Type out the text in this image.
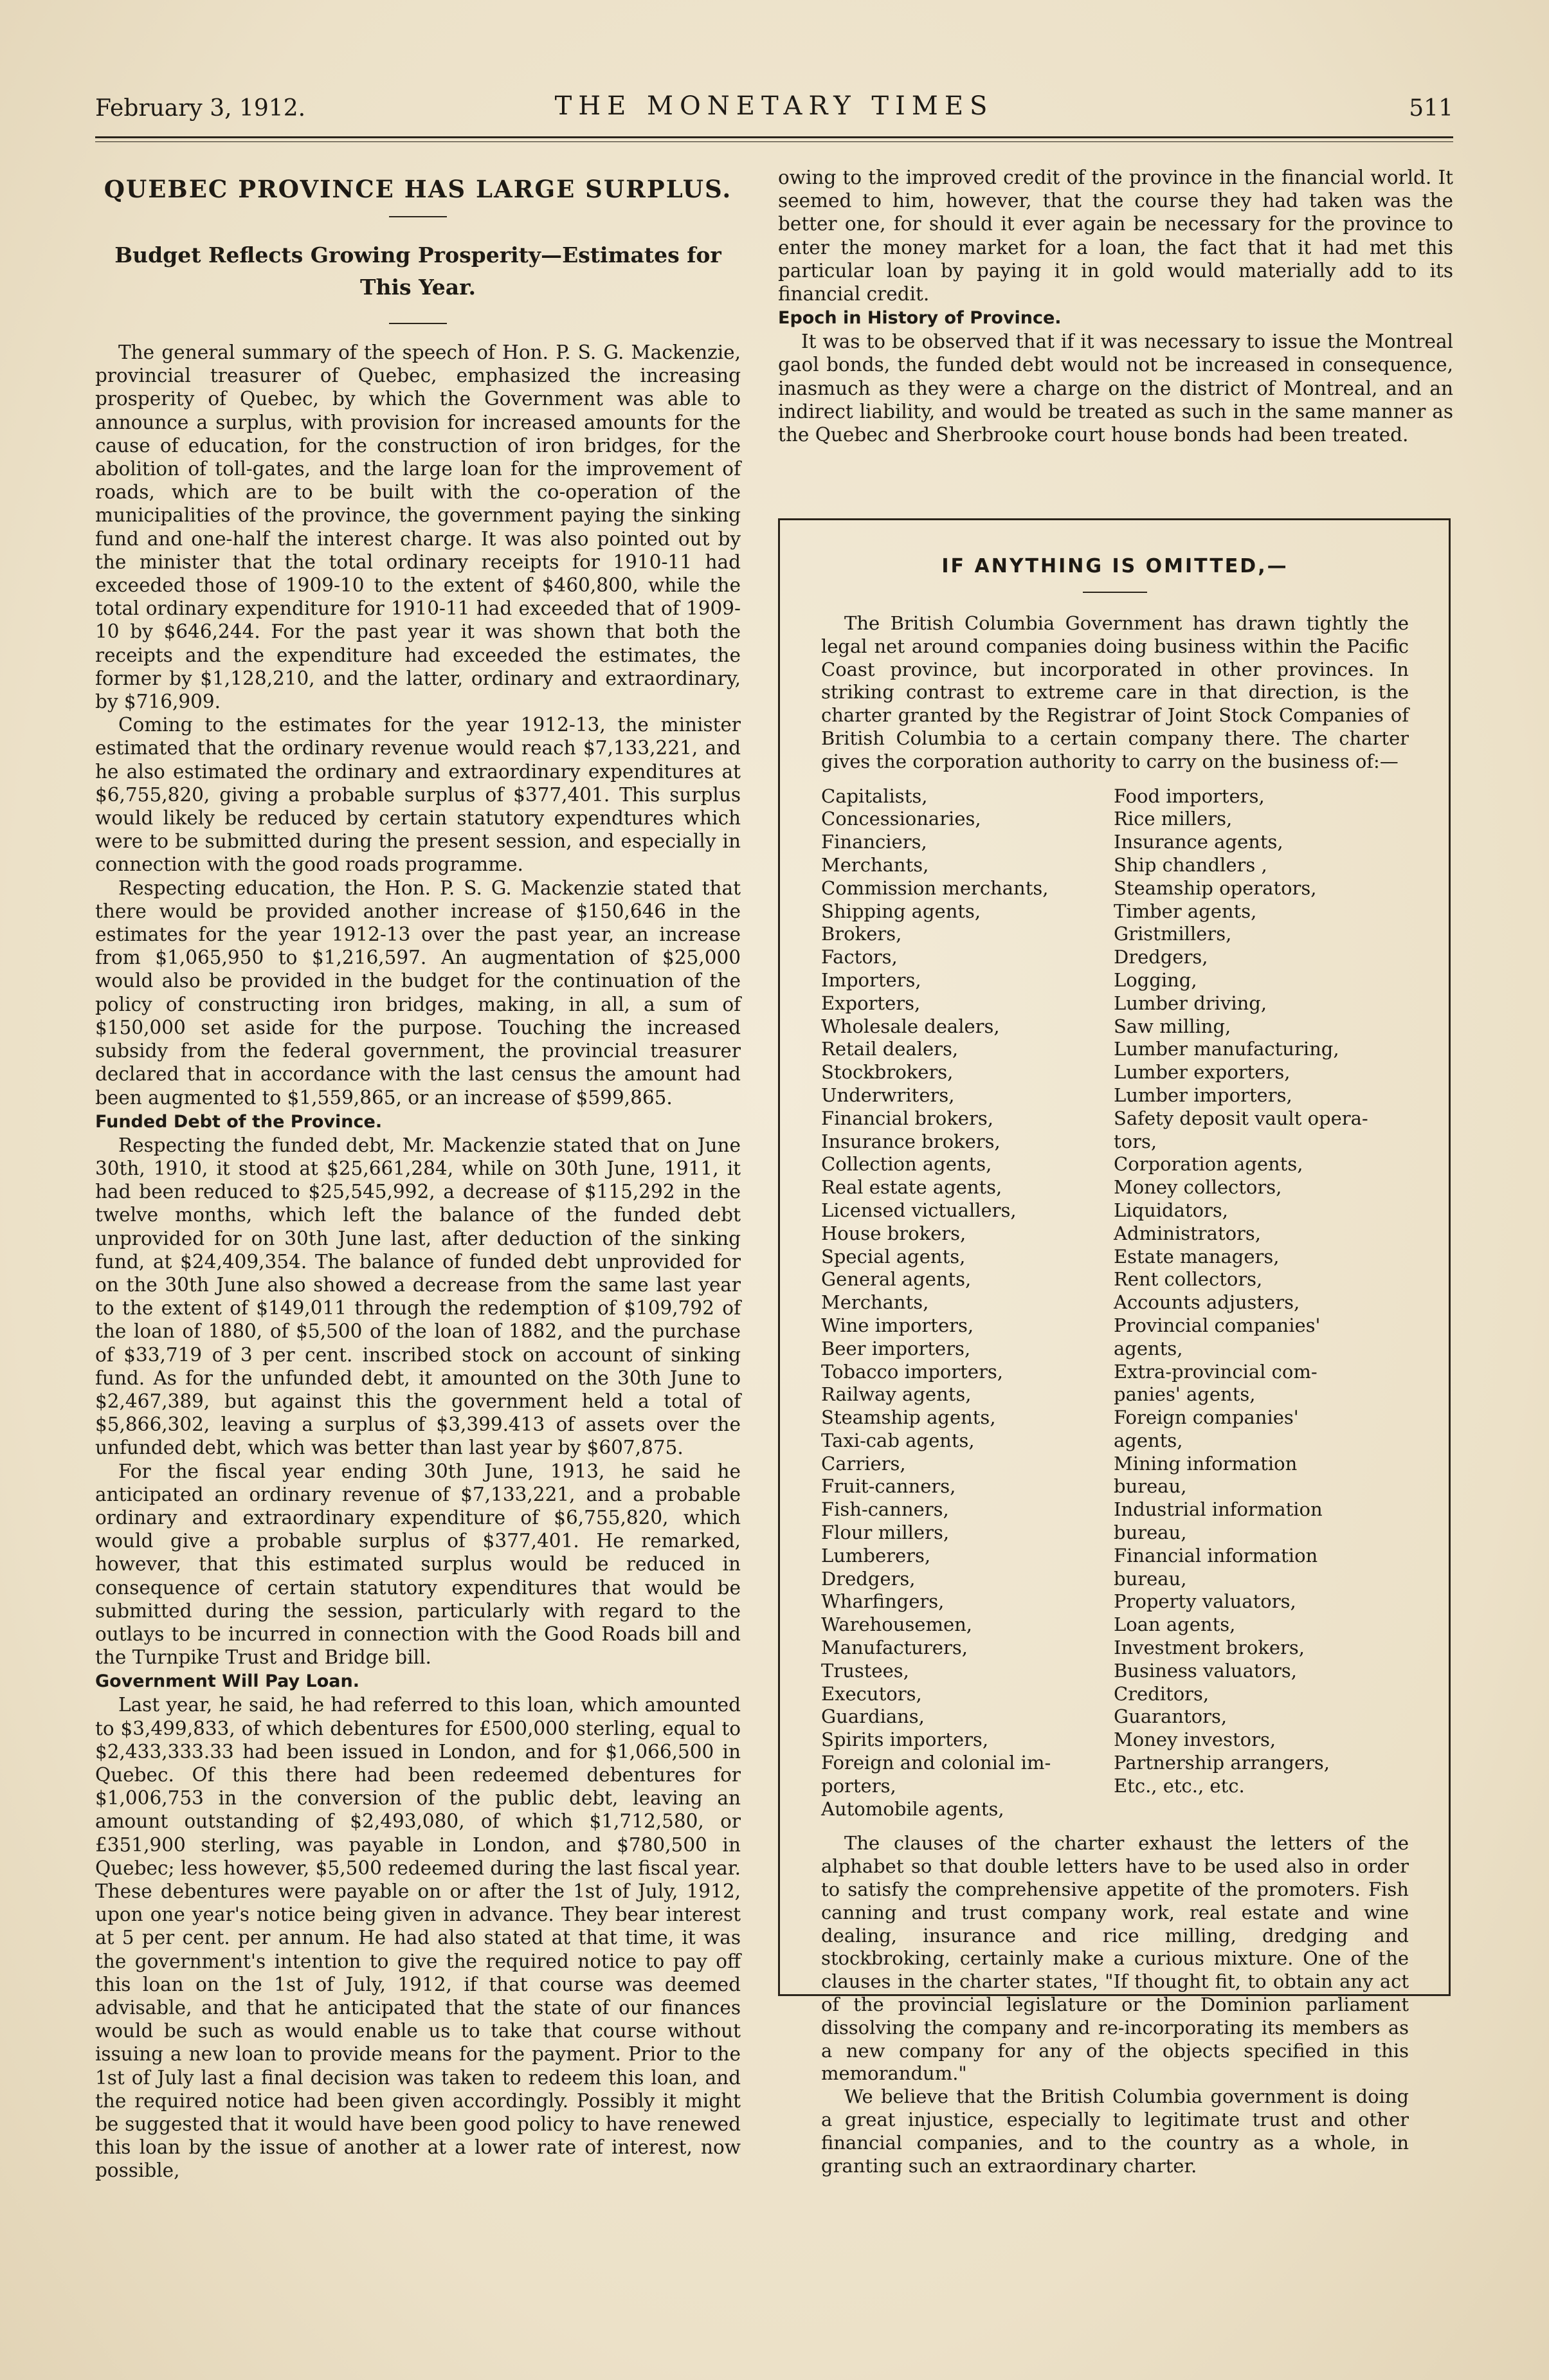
February 3, 1912.	THE MONETARY TIMES	511
QUEBEC PROVINCE HAS LARGE SURPLUS.
Budget Reflects Growing Prosperity—Estimates for This Year.

The general summary of the speech of Hon. P. S. G. Mackenzie, provincial treasurer of Quebec, emphasized the increasing prosperity of Quebec, by which the Government was able to announce a surplus, with provision for increased amounts for the cause of education, for the construction of iron bridges, for the abolition of toll-gates, and the large loan for the improvement of roads, which are to be built with the co-operation of the municipalities of the province, the government paying the sinking fund and one-half the interest charge. It was also pointed out by the minister that the total ordinary receipts for 1910-11 had exceeded those of 1909-10 to the extent of $460,800, while the total ordinary expenditure for 1910-11 had exceeded that of 1909-10 by $646,244. For the past year it was shown that both the receipts and the expenditure had exceeded the estimates, the former by $1,128,210, and the latter, ordinary and extraordinary, by $716,909.

Coming to the estimates for the year 1912-13, the minister estimated that the ordinary revenue would reach $7,133,221, and he also estimated the ordinary and extraordinary expenditures at $6,755,820, giving a probable surplus of $377,401. This surplus would likely be reduced by certain statutory expendtures which were to be submitted during the present session, and especially in connection with the good roads programme.

Respecting education, the Hon. P. S. G. Mackenzie stated that there would be provided another increase of $150,646 in the estimates for the year 1912-13 over the past year, an increase from $1,065,950 to $1,216,597. An augmentation of $25,000 would also be provided in the budget for the continuation of the policy of constructing iron bridges, making, in all, a sum of $150,000 set aside for the purpose. Touching the increased subsidy from the federal government, the provincial treasurer declared that in accordance with the last census the amount had been augmented to $1,559,865, or an increase of $599,865.

Funded Debt of the Province.

Respecting the funded debt, Mr. Mackenzie stated that on June 30th, 1910, it stood at $25,661,284, while on 30th June, 1911, it had been reduced to $25,545,992, a decrease of $115,292 in the twelve months, which left the balance of the funded debt unprovided for on 30th June last, after deduction of the sinking fund, at $24,409,354. The balance of funded debt unprovided for on the 30th June also showed a decrease from the same last year to the extent of $149,011 through the redemption of $109,792 of the loan of 1880, of $5,500 of the loan of 1882, and the purchase of $33,719 of 3 per cent. inscribed stock on account of sinking fund. As for the unfunded debt, it amounted on the 30th June to $2,467,389, but against this the government held a total of $5,866,302, leaving a surplus of $3,399.413 of assets over the unfunded debt, which was better than last year by $607,875.

For the fiscal year ending 30th June, 1913, he said he anticipated an ordinary revenue of $7,133,221, and a probable ordinary and extraordinary expenditure of $6,755,820, which would give a probable surplus of $377,401. He remarked, however, that this estimated surplus would be reduced in consequence of certain statutory expenditures that would be submitted during the session, particularly with regard to the outlays to be incurred in connection with the Good Roads bill and the Turnpike Trust and Bridge bill.

Government Will Pay Loan.

Last year, he said, he had referred to this loan, which amounted to $3,499,833, of which debentures for £500,000 sterling, equal to $2,433,333.33 had been issued in London, and for $1,066,500 in Quebec. Of this there had been redeemed debentures for $1,006,753 in the conversion of the public debt, leaving an amount outstanding of $2,493,080, of which $1,712,580, or £351,900 sterling, was payable in London, and $780,500 in Quebec; less however, $5,500 redeemed during the last fiscal year. These debentures were payable on or after the 1st of July, 1912, upon one year's notice being given in advance. They bear interest at 5 per cent. per annum. He had also stated at that time, it was the government's intention to give the required notice to pay off this loan on the 1st of July, 1912, if that course was deemed advisable, and that he anticipated that the state of our finances would be such as would enable us to take that course without issuing a new loan to provide means for the payment. Prior to the 1st of July last a final decision was taken to redeem this loan, and the required notice had been given accordingly. Possibly it might be suggested that it would have been good policy to have renewed this loan by the issue of another at a lower rate of interest, now possible,

owing to the improved credit of the province in the financial world. It seemed to him, however, that the course they had taken was the better one, for should it ever again be necessary for the province to enter the money market for a loan, the fact that it had met this particular loan by paying it in gold would materially add to its financial credit.

Epoch in History of Province.

It was to be observed that if it was necessary to issue the Montreal gaol bonds, the funded debt would not be increased in consequence, inasmuch as they were a charge on the district of Montreal, and an indirect liability, and would be treated as such in the same manner as the Quebec and Sherbrooke court house bonds had been treated.

IF ANYTHING IS OMITTED,—

The British Columbia Government has drawn tightly the legal net around companies doing business within the Pacific Coast province, but incorporated in other provinces. In striking contrast to extreme care in that direction, is the charter granted by the Registrar of Joint Stock Companies of British Columbia to a certain company there. The charter gives the corporation authority to carry on the business of:—

Capitalists,
Concessionaries,
Financiers,
Merchants,
Commission merchants,
Shipping agents,
Brokers,
Factors,
Importers,
Exporters,
Wholesale dealers,
Retail dealers,
Stockbrokers,
Underwriters,
Financial brokers,
Insurance brokers,
Collection agents,
Real estate agents,
Licensed victuallers,
House brokers,
Special agents,
General agents,
Merchants,
Wine importers,
Beer importers,
Tobacco importers,
Railway agents,
Steamship agents,
Taxi-cab agents,
Carriers,
Fruit-canners,
Fish-canners,
Flour millers,
Lumberers,
Dredgers,
Wharfingers,
Warehousemen,
Manufacturers,
Trustees,
Executors,
Guardians,
Spirits importers,
Foreign and colonial im-
porters,
Automobile agents,
Food importers,
Rice millers,
Insurance agents,
Ship chandlers ,
Steamship operators,
Timber agents,
Gristmillers,
Dredgers,
Logging,
Lumber driving,
Saw milling,
Lumber manufacturing,
Lumber exporters,
Lumber importers,
Safety deposit vault opera-
tors,
Corporation agents,
Money collectors,
Liquidators,
Administrators,
Estate managers,
Rent collectors,
Accounts adjusters,
Provincial companies'
agents,
Extra-provincial com-
panies' agents,
Foreign companies'
agents,
Mining information
bureau,
Industrial information
bureau,
Financial information
bureau,
Property valuators,
Loan agents,
Investment brokers,
Business valuators,
Creditors,
Guarantors,
Money investors,
Partnership arrangers,
Etc., etc., etc.

The clauses of the charter exhaust the letters of the alphabet so that double letters have to be used also in order to satisfy the comprehensive appetite of the promoters. Fish canning and trust company work, real estate and wine dealing, insurance and rice milling, dredging and stockbroking, certainly make a curious mixture. One of the clauses in the charter states, "If thought fit, to obtain any act of the provincial legislature or the Dominion parliament dissolving the company and re-incorporating its members as a new company for any of the objects specified in this memorandum."

We believe that the British Columbia government is doing a great injustice, especially to legitimate trust and other financial companies, and to the country as a whole, in granting such an extraordinary charter.
